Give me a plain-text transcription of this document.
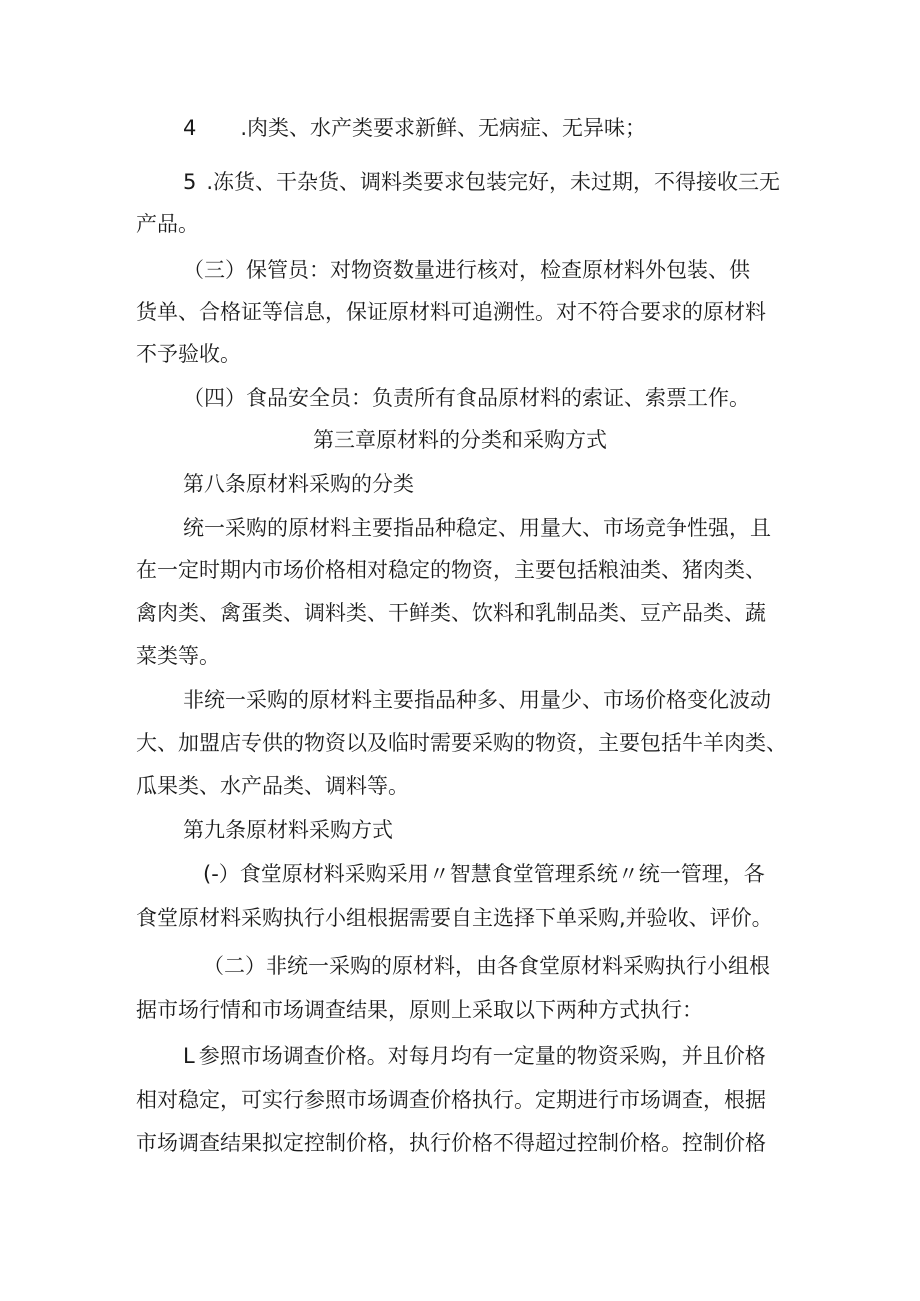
4 .肉类、水产类要求新鲜、无病症、无异味；
5 .冻货、干杂货、调料类要求包装完好，未过期，不得接收三无
产品。
（三）保管员：对物资数量进行核对，检查原材料外包装、供
货单、合格证等信息，保证原材料可追溯性。对不符合要求的原材料
不予验收。
（四）食品安全员：负责所有食品原材料的索证、索票工作。
第三章原材料的分类和采购方式
第八条原材料采购的分类
统一采购的原材料主要指品种稳定、用量大、市场竞争性强，且
在一定时期内市场价格相对稳定的物资，主要包括粮油类、猪肉类、
禽肉类、禽蛋类、调料类、干鲜类、饮料和乳制品类、豆产品类、蔬
菜类等。
非统一采购的原材料主要指品种多、用量少、市场价格变化波动
大、加盟店专供的物资以及临时需要采购的物资，主要包括牛羊肉类、
瓜果类、水产品类、调料等。
第九条原材料采购方式
(-）食堂原材料采购采用〃智慧食堂管理系统〃统一管理，各
食堂原材料采购执行小组根据需要自主选择下单采购,并验收、评价。
（二）非统一采购的原材料，由各食堂原材料采购执行小组根
据市场行情和市场调查结果，原则上采取以下两种方式执行：
L 参照市场调查价格。对每月均有一定量的物资采购，并且价格
相对稳定，可实行参照市场调查价格执行。定期进行市场调查，根据
市场调查结果拟定控制价格，执行价格不得超过控制价格。控制价格
